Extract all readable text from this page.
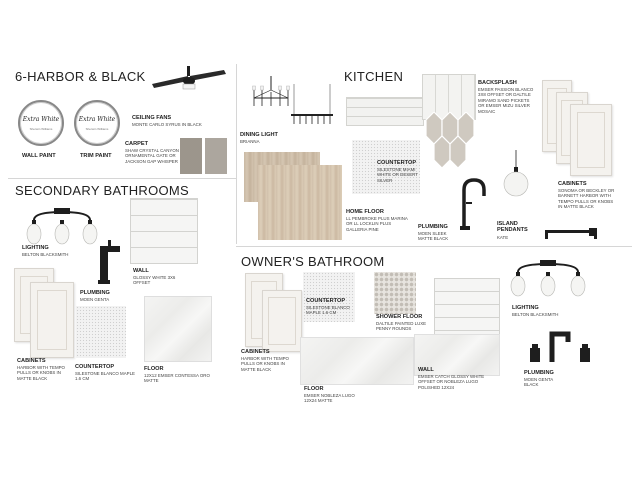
6-HARBOR & BLACK
Extra White
Sherwin Williams
WALL PAINT
Extra White
Sherwin Williams
TRIM PAINT
CEILING FANS
MONTE CARLO SYRUS IN BLACK
CARPET
SHAW CRYSTAL CANYON ORNAMENTAL GATE OR JACKSON GAP WHISPER
DINING LIGHT
BRIANNA
KITCHEN	BACKSPLASH
EMSER PASSION BLANCO 3X8 OFFSET OR DALTILE MIRAMO SAND PICKETS OR EMSER MIZU SILVER MOSAIC
COUNTERTOP
SILESTONE MIAMI WHITE OR DESERT SILVER
HOME FLOOR
LL PEMBROKE PLUS MARINA OR LL LOCKLIN PLUS GALLERIA PINE	PLUMBING
MOEN SLEEK MATTE BLACK
ISLAND PENDANTS
KATE
CABINETS
SONOMA OR BECKLEY OR BARNETT HARBOR WITH TEMPO PULLS OR KNOBS IN MATTE BLACK
SECONDARY BATHROOMS
LIGHTING
BELTON BLACKSMITH
WALL
GLOSSY WHITE 3X6 OFFSET
PLUMBING
MOEN GENTA
CABINETS
HARBOR WITH TEMPO PULLS OR KNOBS IN MATTE BLACK
COUNTERTOP
SILESTONE BLANCO MAPLE 1.6 CM
FLOOR
12X12 EMSER CONTESSA ORO MATTE
OWNER'S BATHROOM
CABINETS
HARBOR WITH TEMPO PULLS OR KNOBS IN MATTE BLACK
COUNTERTOP
SILESTONE BLANCO MAPLE 1.6 CM
SHOWER FLOOR
DALTILE PAINTED LUXE PENNY ROUNDS
FLOOR
EMSER NOBLEZA LUGO 12X24 MATTE
WALL
EMSER CATCH GLOSSY WHITE OFFSET OR NOBLEZA LUGO POLISHED 12X24
LIGHTING
BELTON BLACKSMITH
PLUMBING
MOEN GENTA BLACK
